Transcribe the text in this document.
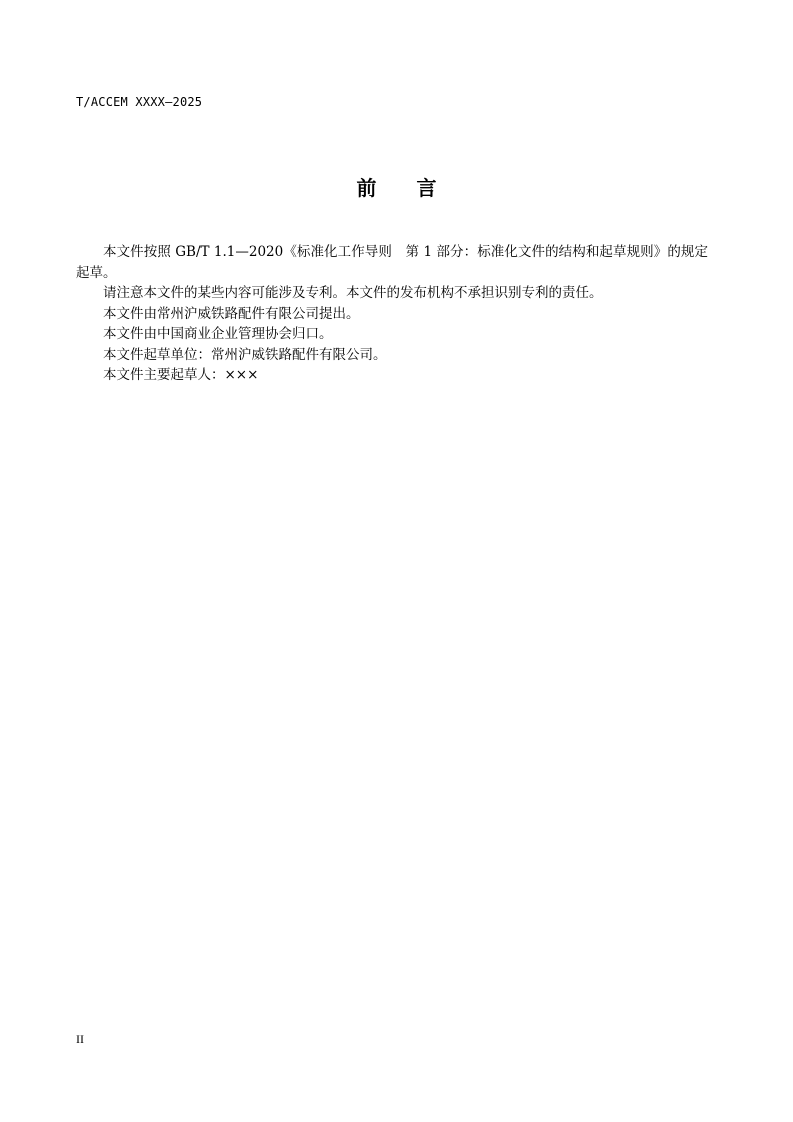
T/ACCEM XXXX—2025
前　　言

本文件按照 GB/T 1.1—2020《标准化工作导则　第 1 部分：标准化文件的结构和起草规则》的规定起草。

请注意本文件的某些内容可能涉及专利。本文件的发布机构不承担识别专利的责任。

本文件由常州沪威铁路配件有限公司提出。

本文件由中国商业企业管理协会归口。

本文件起草单位：常州沪威铁路配件有限公司。

本文件主要起草人：×××

II
